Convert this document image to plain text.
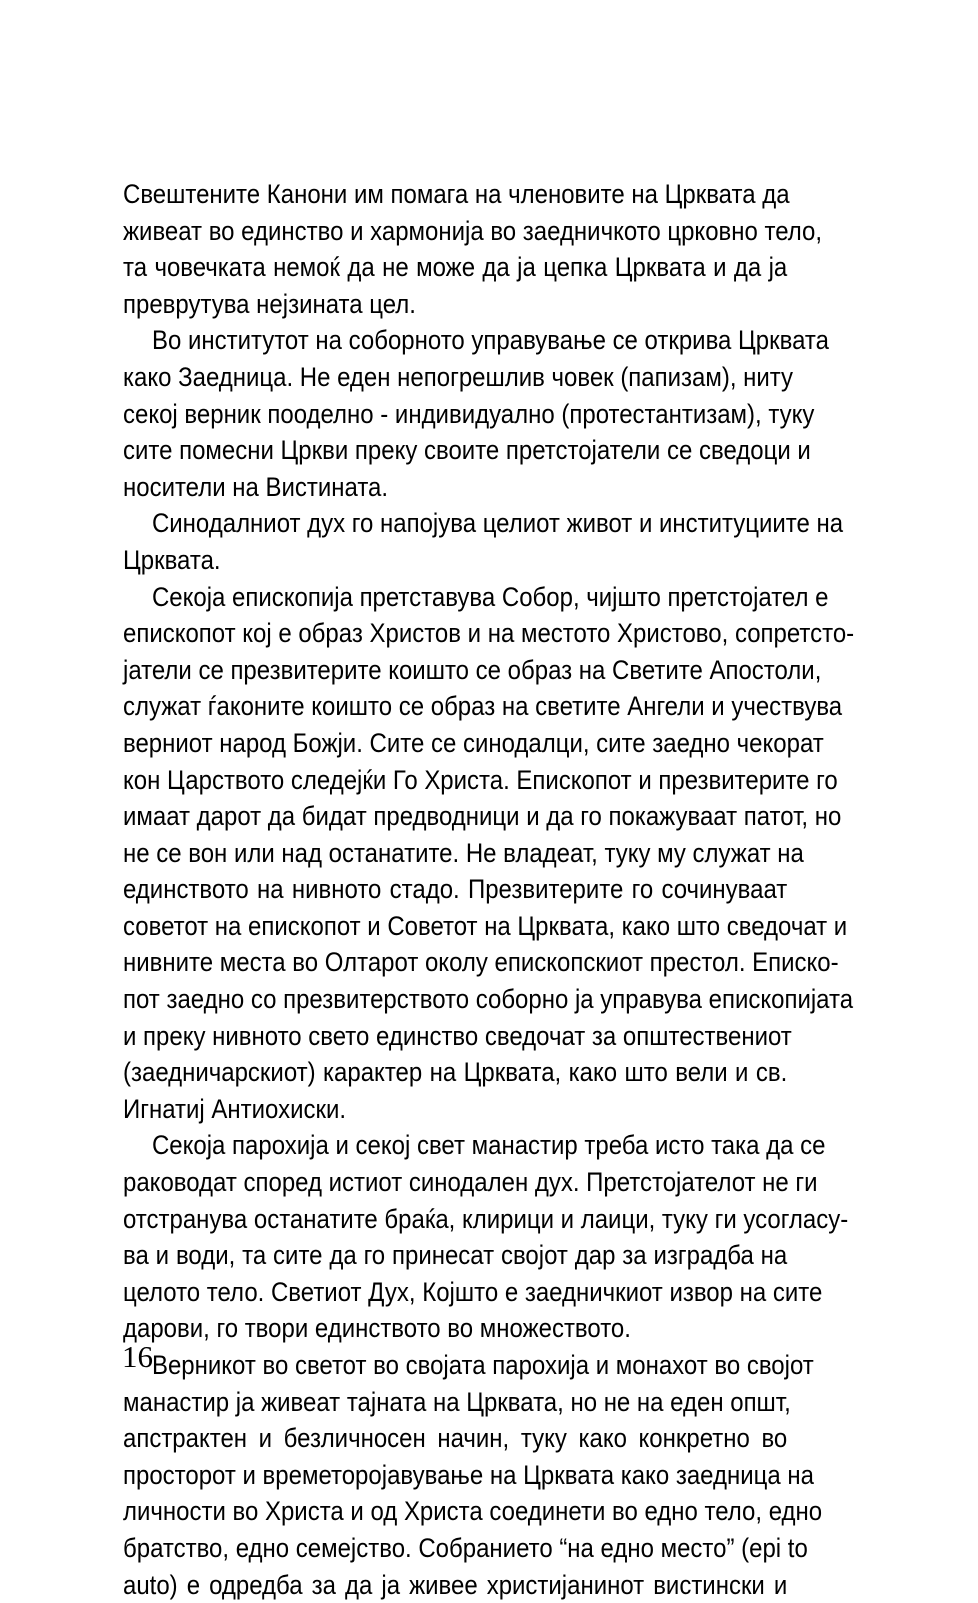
Свештените Канони им помага на членовите на Црквата да
живеат во единство и хармонија во заедничкото црковно тело,
та човечката немоќ да не може да ја цепка Црквата и да ја
преврутува нејзината цел.
Во институтот на соборното управување се открива Црквата
како Заедница. Не еден непогрешлив човек (папизам), ниту
секој верник пооделно - индивидуално (протестантизам), туку
сите помесни Цркви преку своите претстојатели се сведоци и
носители на Вистината.
Синодалниот дух го напојува целиот живот и институциите на
Црквата.
Секоја епископија претставува Собор, чијшто претстојател е
епископот кој е образ Христов и на местото Христово, сопретсто-
јатели се презвитерите коишто се образ на Светите Апостоли,
служат ѓаконите коишто се образ на светите Ангели и учествува
верниот народ Божји. Сите се синодалци, сите заедно чекорат
кон Царството следејќи Го Христа. Епископот и презвитерите го
имаат дарот да бидат предводници и да го покажуваат патот, но
не се вон или над останатите. Не владеат, туку му служат на
единството на нивното стадо. Презвитерите го сочинуваат
советот на епископот и Советот на Црквата, како што сведочат и
нивните места во Олтарот околу епископскиот престол. Еписко-
пот заедно со презвитерството соборно ја управува епископијата
и преку нивното свето единство сведочат за општествениот
(заедничарскиот) карактер на Црквата, како што вели и св.
Игнатиј Антиохиски.
Секоја парохија и секој свет манастир треба исто така да се
раководат според истиот синодален дух. Претстојателот не ги
отстранува останатите браќа, клирици и лаици, туку ги усогласу-
ва и води, та сите да го принесат својот дар за изградба на
целото тело. Светиот Дух, Којшто е заедничкиот извор на сите
дарови, го твори единството во множеството.
Верникот во светот во својата парохија и монахот во својот
манастир ја живеат тајната на Црквата, но не на еден општ,
апстрактен и безличносен начин, туку како конкретно во
просторот и времеторојавување на Црквата како заедница на
личности во Христа и од Христа соединети во едно тело, едно
братство, едно семејство. Собранието “на едно место” (epi to
auto) е одредба за да ја живее христијанинот вистински и
16
